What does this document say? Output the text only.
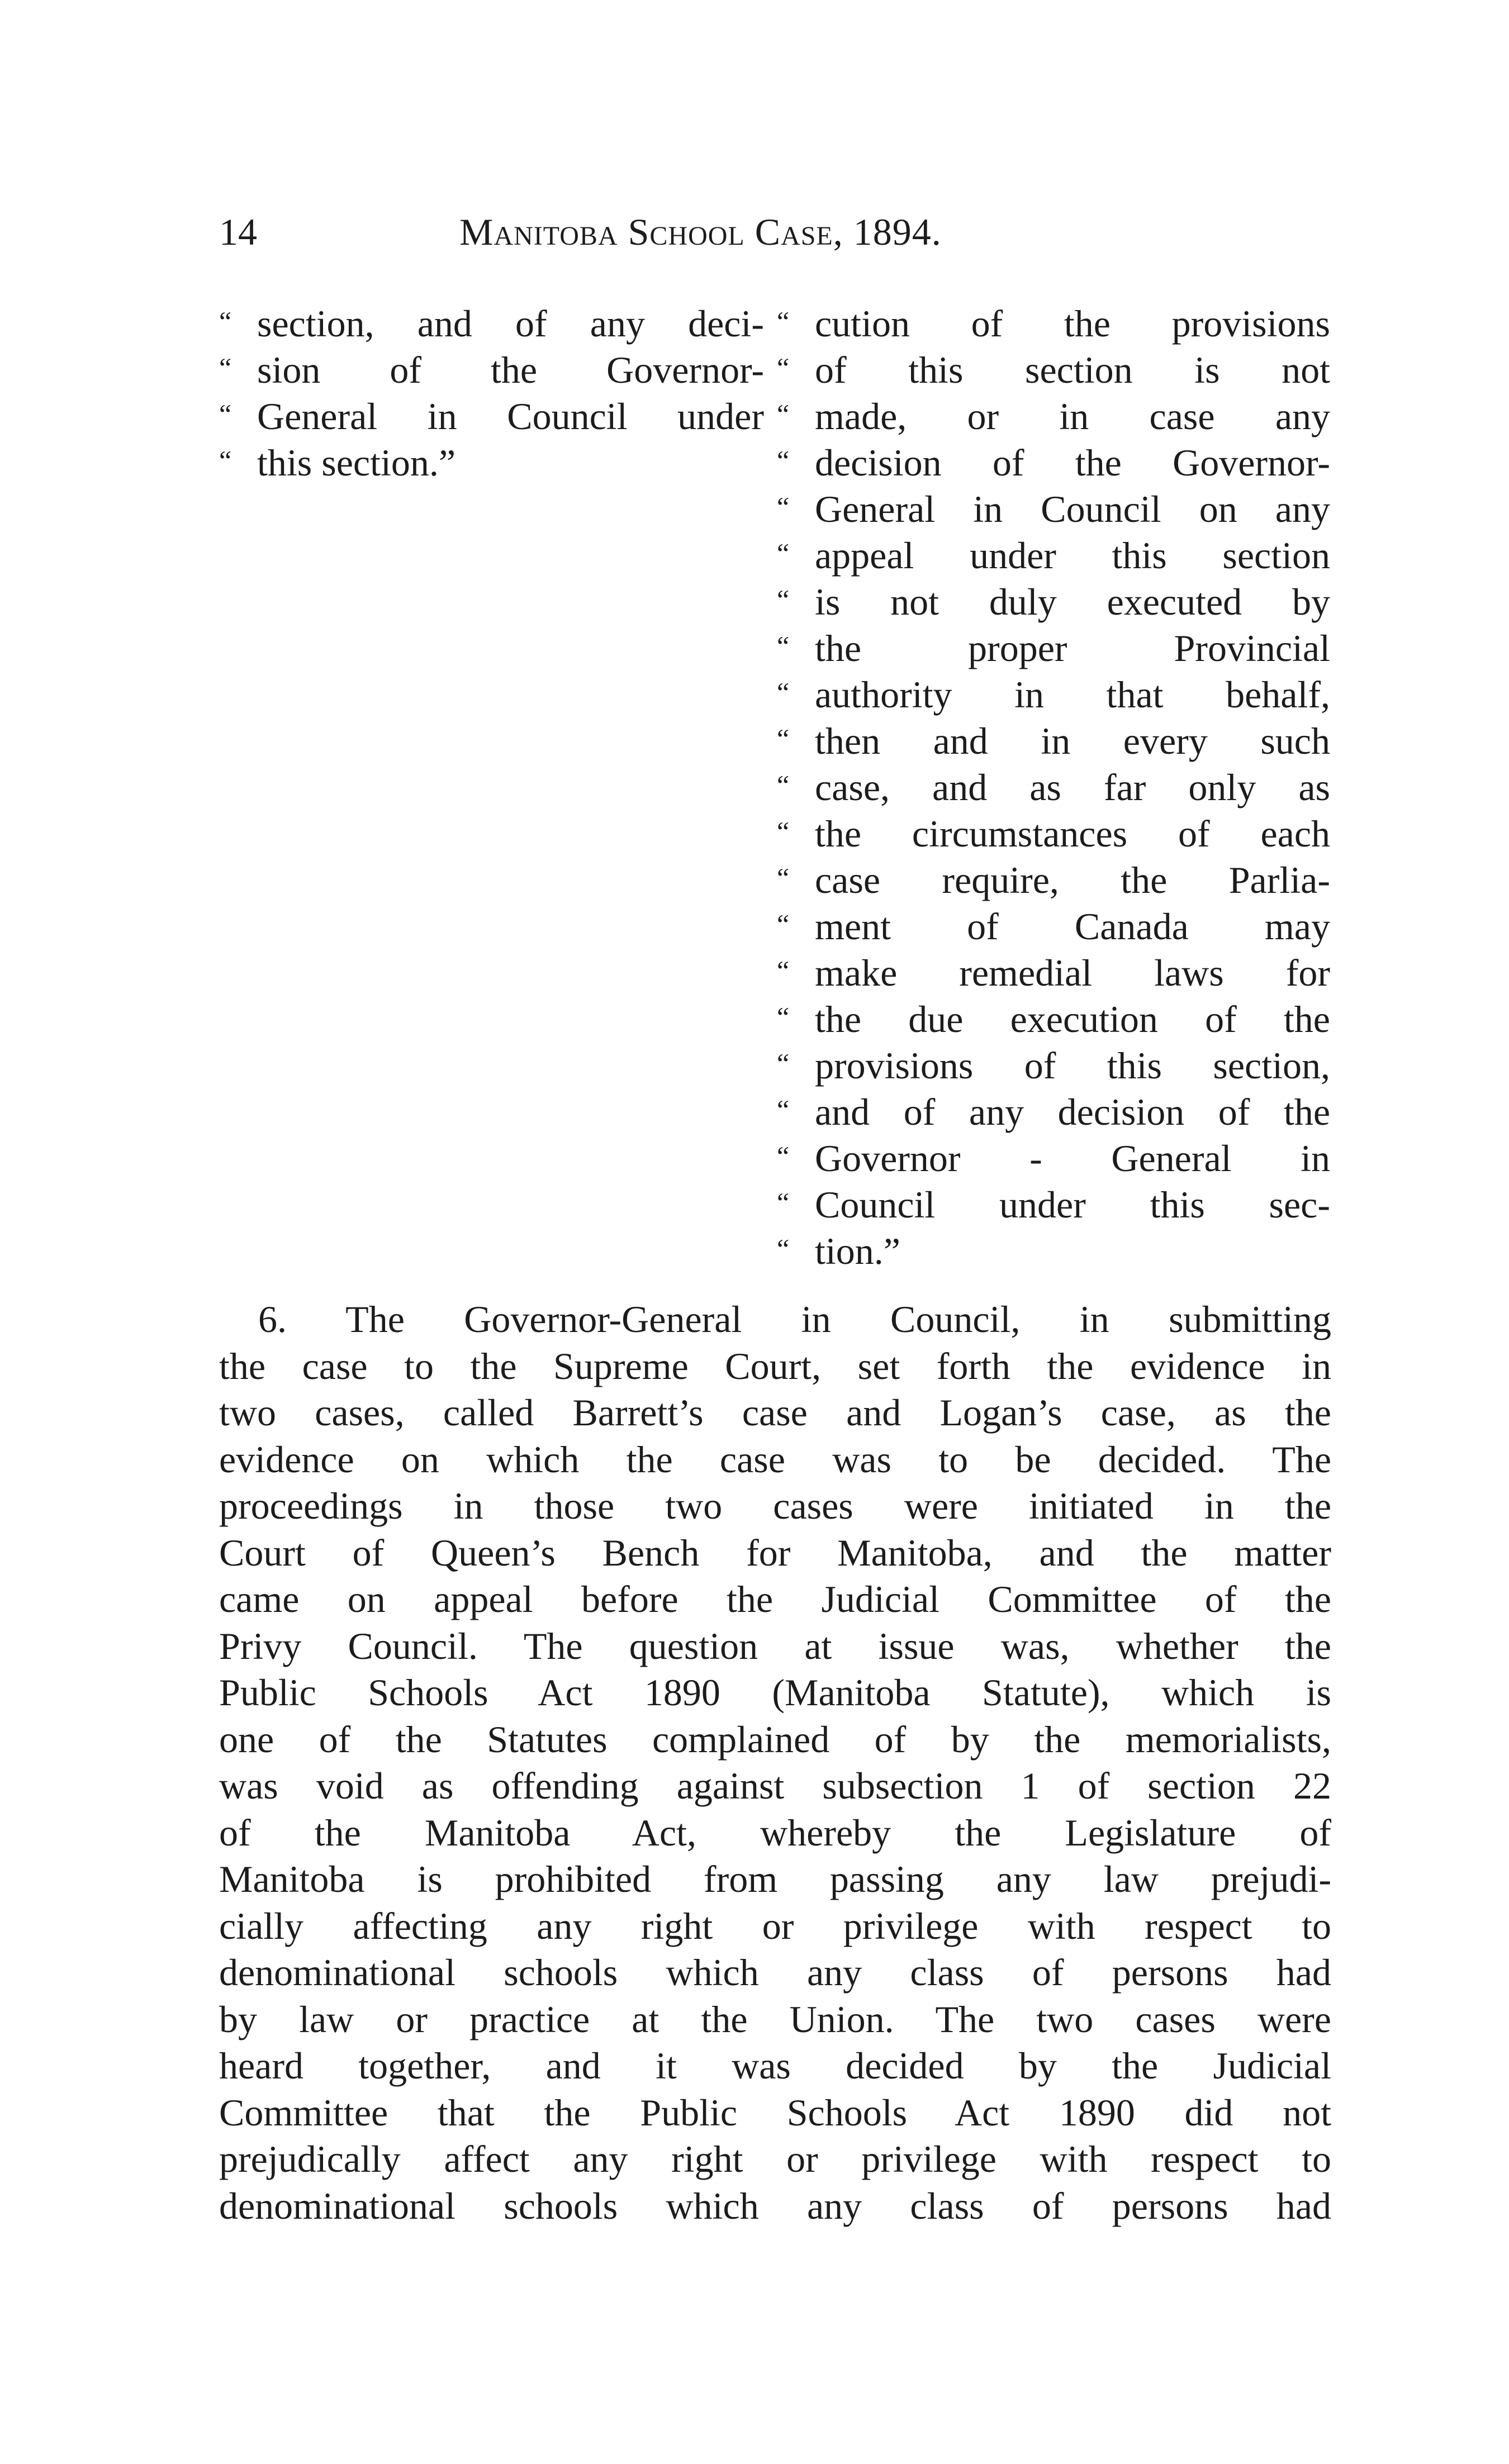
14	Manitoba School Case, 1894.
“ section, and of any deci-
“ sion of the Governor-
“ General in Council under
“ this section.”
“ cution of the provisions
“ of this section is not
“ made, or in case any
“ decision of the Governor-
“ General in Council on any
“ appeal under this section
“ is not duly executed by
“ the proper Provincial
“ authority in that behalf,
“ then and in every such
“ case, and as far only as
“ the circumstances of each
“ case require, the Parlia-
“ ment of Canada may
“ make remedial laws for
“ the due execution of the
“ provisions of this section,
“ and of any decision of the
“ Governor - General in
“ Council under this sec-
“ tion.”
6. The Governor-General in Council, in submitting
the case to the Supreme Court, set forth the evidence in
two cases, called Barrett’s case and Logan’s case, as the
evidence on which the case was to be decided. The
proceedings in those two cases were initiated in the
Court of Queen’s Bench for Manitoba, and the matter
came on appeal before the Judicial Committee of the
Privy Council. The question at issue was, whether the
Public Schools Act 1890 (Manitoba Statute), which is
one of the Statutes complained of by the memorialists,
was void as offending against subsection 1 of section 22
of the Manitoba Act, whereby the Legislature of
Manitoba is prohibited from passing any law prejudi-
cially affecting any right or privilege with respect to
denominational schools which any class of persons had
by law or practice at the Union. The two cases were
heard together, and it was decided by the Judicial
Committee that the Public Schools Act 1890 did not
prejudically affect any right or privilege with respect to
denominational schools which any class of persons had
